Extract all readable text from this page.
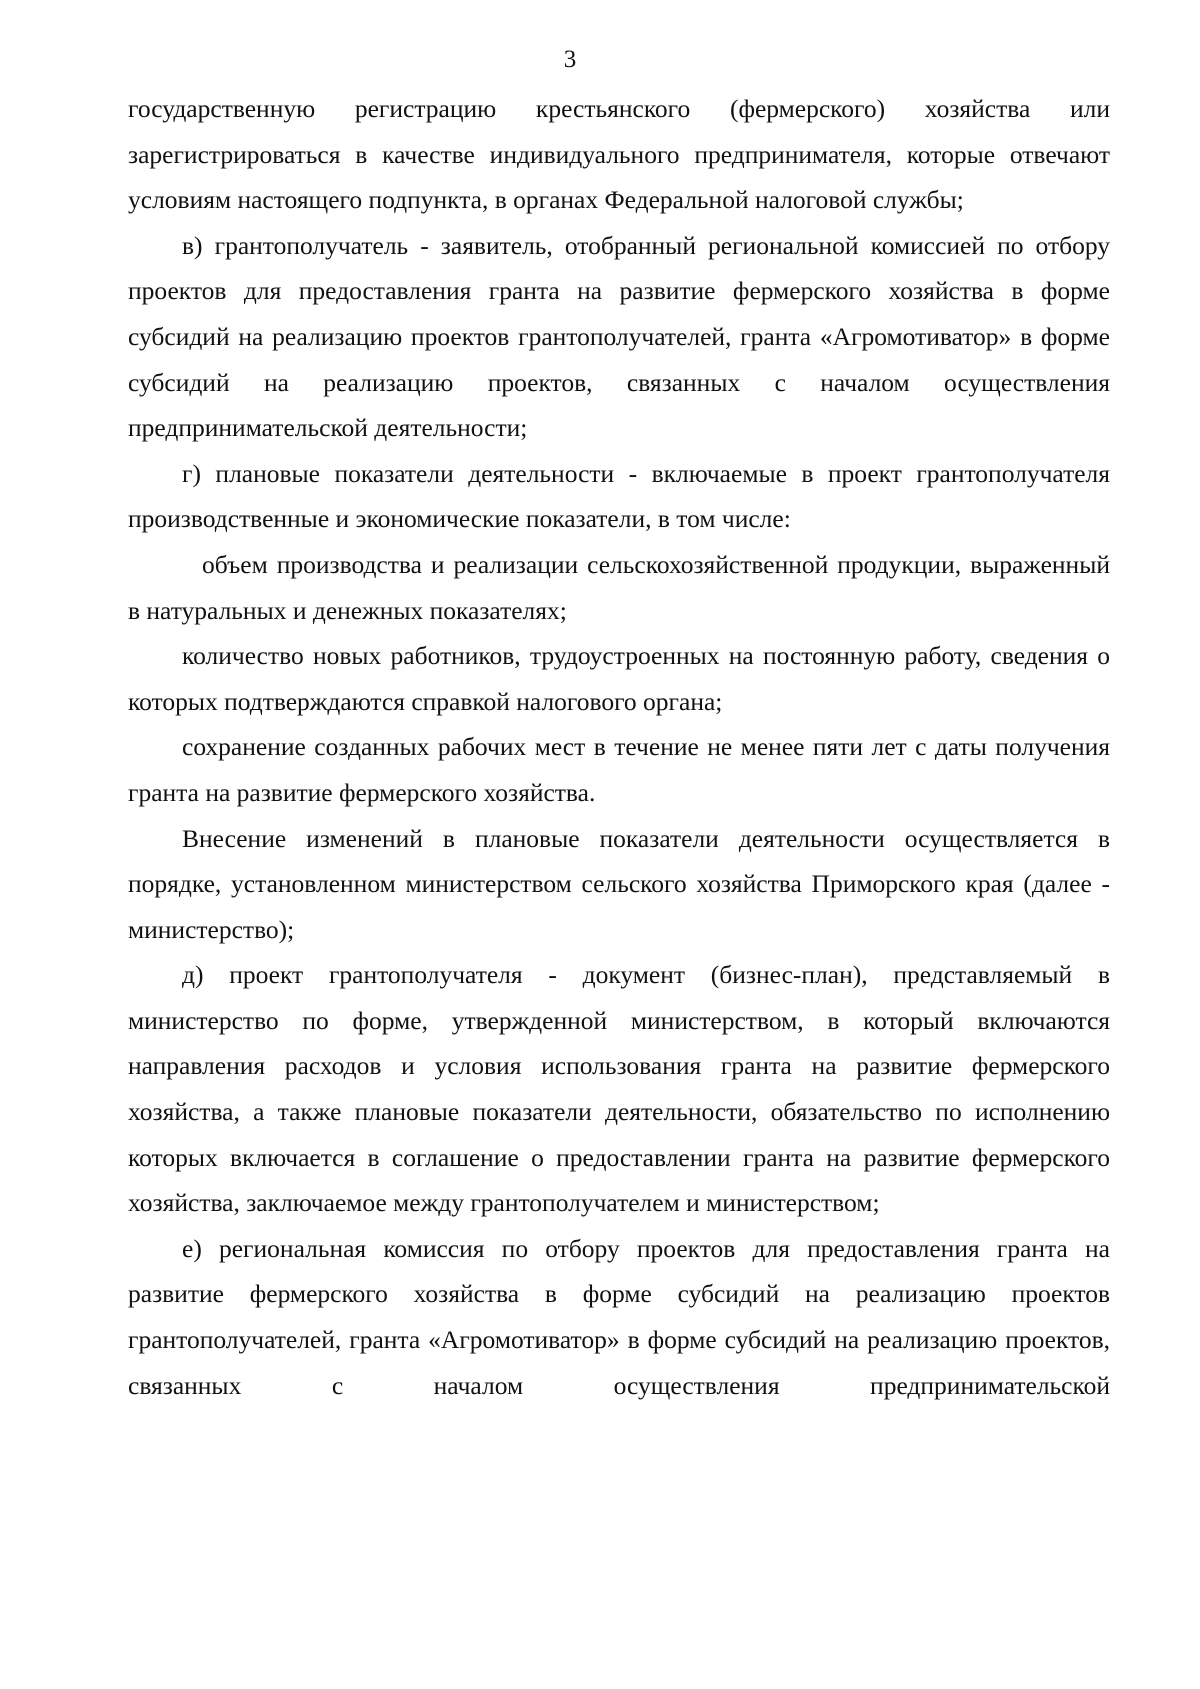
3

государственную регистрацию крестьянского (фермерского) хозяйства или зарегистрироваться в качестве индивидуального предпринимателя, которые отвечают условиям настоящего подпункта, в органах Федеральной налоговой службы;

в) грантополучатель - заявитель, отобранный региональной комиссией по отбору проектов для предоставления гранта на развитие фермерского хозяйства в форме субсидий на реализацию проектов грантополучателей, гранта «Агромотиватор» в форме субсидий на реализацию проектов, связанных с началом осуществления предпринимательской деятельности;

г) плановые показатели деятельности - включаемые в проект грантополучателя производственные и экономические показатели, в том числе:

объем производства и реализации сельскохозяйственной продукции, выраженный в натуральных и денежных показателях;

количество новых работников, трудоустроенных на постоянную работу, сведения о которых подтверждаются справкой налогового органа;

сохранение созданных рабочих мест в течение не менее пяти лет с даты получения гранта на развитие фермерского хозяйства.

Внесение изменений в плановые показатели деятельности осуществляется в порядке, установленном министерством сельского хозяйства Приморского края (далее - министерство);

д) проект грантополучателя - документ (бизнес-план), представляемый в министерство по форме, утвержденной министерством, в который включаются направления расходов и условия использования гранта на развитие фермерского хозяйства, а также плановые показатели деятельности, обязательство по исполнению которых включается в соглашение о предоставлении гранта на развитие фермерского хозяйства, заключаемое между грантополучателем и министерством;

е) региональная комиссия по отбору проектов для предоставления гранта на развитие фермерского хозяйства в форме субсидий на реализацию проектов грантополучателей, гранта «Агромотиватор» в форме субсидий на реализацию проектов, связанных с началом осуществления предпринимательской
